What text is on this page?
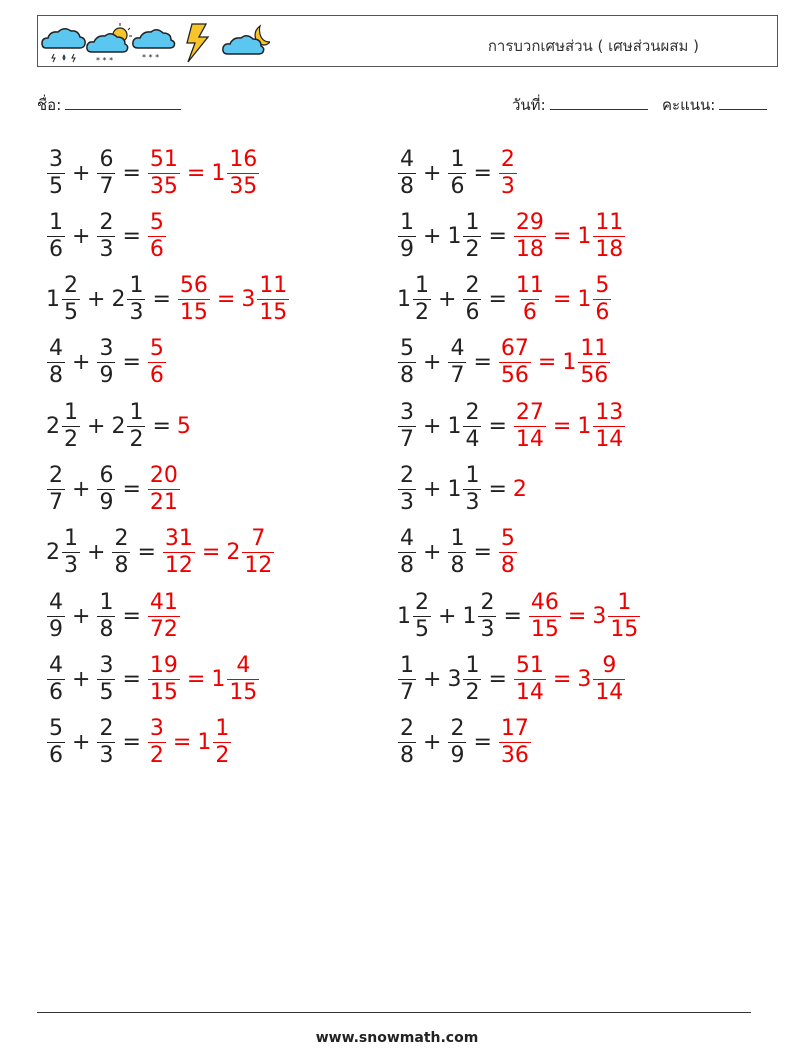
* * *	* * *
การบวกเศษส่วน ( เศษส่วนผสม )
ชื่อ:	วันที่:	คะแนน:
$\frac{3}{5} + \frac{6}{7} = \frac{51}{35} = 1 \frac{16}{35}$	$\frac{4}{8} + \frac{1}{6} = \frac{2}{3}$
$\frac{1}{6} + \frac{2}{3} = \frac{5}{6}$	$\frac{1}{9} + 1 \frac{1}{2} = \frac{29}{18} = 1 \frac{11}{18}$
$1 \frac{2}{5} + 2 \frac{1}{3} = \frac{56}{15} = 3 \frac{11}{15}$	$1 \frac{1}{2} + \frac{2}{6} = \frac{11}{6} = 1 \frac{5}{6}$
$\frac{4}{8} + \frac{3}{9} = \frac{5}{6}$	$\frac{5}{8} + \frac{4}{7} = \frac{67}{56} = 1 \frac{11}{56}$
$2 \frac{1}{2} + 2 \frac{1}{2} = 5$	$\frac{3}{7} + 1 \frac{2}{4} = \frac{27}{14} = 1 \frac{13}{14}$
$\frac{2}{7} + \frac{6}{9} = \frac{20}{21}$	$\frac{2}{3} + 1 \frac{1}{3} = 2$
$2 \frac{1}{3} + \frac{2}{8} = \frac{31}{12} = 2 \frac{7}{12}$	$\frac{4}{8} + \frac{1}{8} = \frac{5}{8}$
$\frac{4}{9} + \frac{1}{8} = \frac{41}{72}$	$1 \frac{2}{5} + 1 \frac{2}{3} = \frac{46}{15} = 3 \frac{1}{15}$
$\frac{4}{6} + \frac{3}{5} = \frac{19}{15} = 1 \frac{4}{15}$	$\frac{1}{7} + 3 \frac{1}{2} = \frac{51}{14} = 3 \frac{9}{14}$
$\frac{5}{6} + \frac{2}{3} = \frac{3}{2} = 1 \frac{1}{2}$	$\frac{2}{8} + \frac{2}{9} = \frac{17}{36}$
www.snowmath.com
